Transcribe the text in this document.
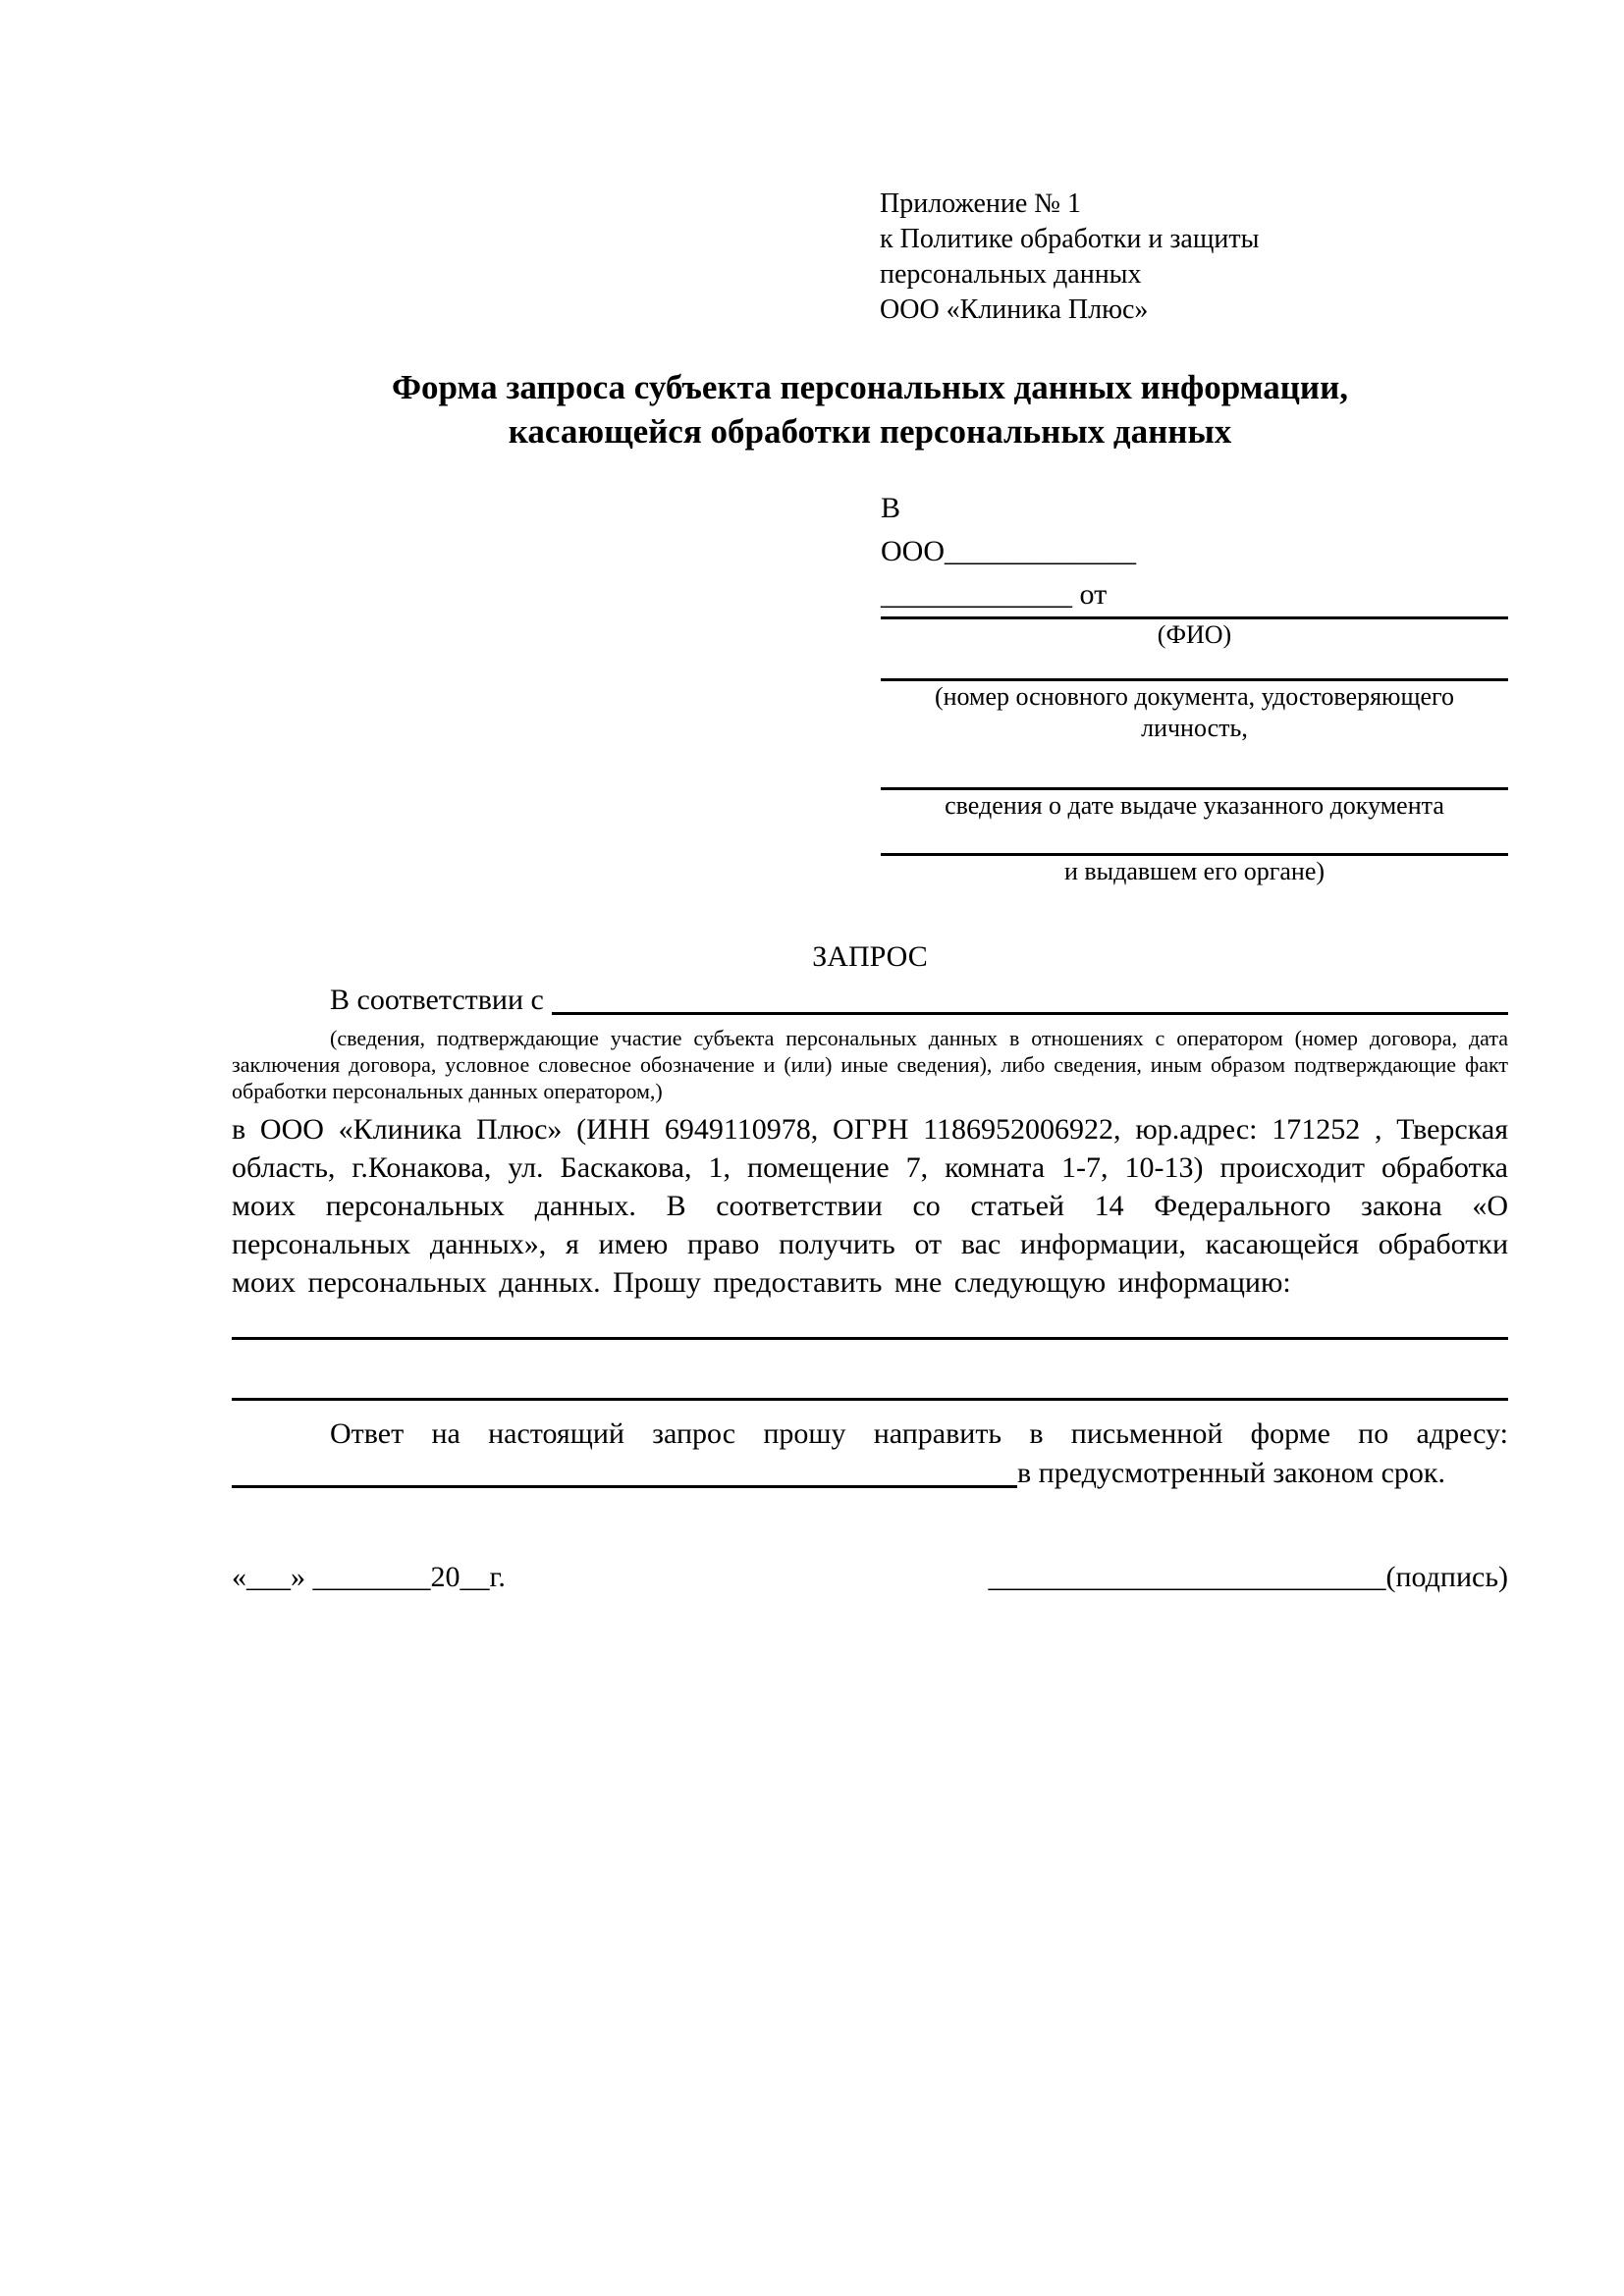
Приложение № 1
к Политике обработки и защиты
персональных данных
ООО «Клиника Плюс»
Форма запроса субъекта персональных данных информации,
касающейся обработки персональных данных
В
ООО_____________
_____________ от
(ФИО)
(номер основного документа, удостоверяющего личность,
сведения о дате выдаче указанного документа
и выдавшем его органе)
ЗАПРОС
В соответствии с
(сведения, подтверждающие участие субъекта персональных данных в отношениях с оператором (номер договора, дата заключения договора, условное словесное обозначение и (или) иные сведения), либо сведения, иным образом подтверждающие факт обработки персональных данных оператором,)
в ООО «Клиника Плюс» (ИНН 6949110978, ОГРН 1186952006922, юр.адрес: 171252 , Тверская область, г.Конакова, ул. Баскакова, 1, помещение 7, комната 1-7, 10-13) происходит обработка моих персональных данных. В соответствии со статьей 14 Федерального закона «О персональных данных», я имею право получить от вас информации, касающейся обработки моих персональных данных. Прошу предоставить мне следующую информацию:
Ответ на настоящий запрос прошу направить в письменной форме по адресу:
в предусмотренный законом срок.
«___» ________20__г.	___________________________(подпись)
